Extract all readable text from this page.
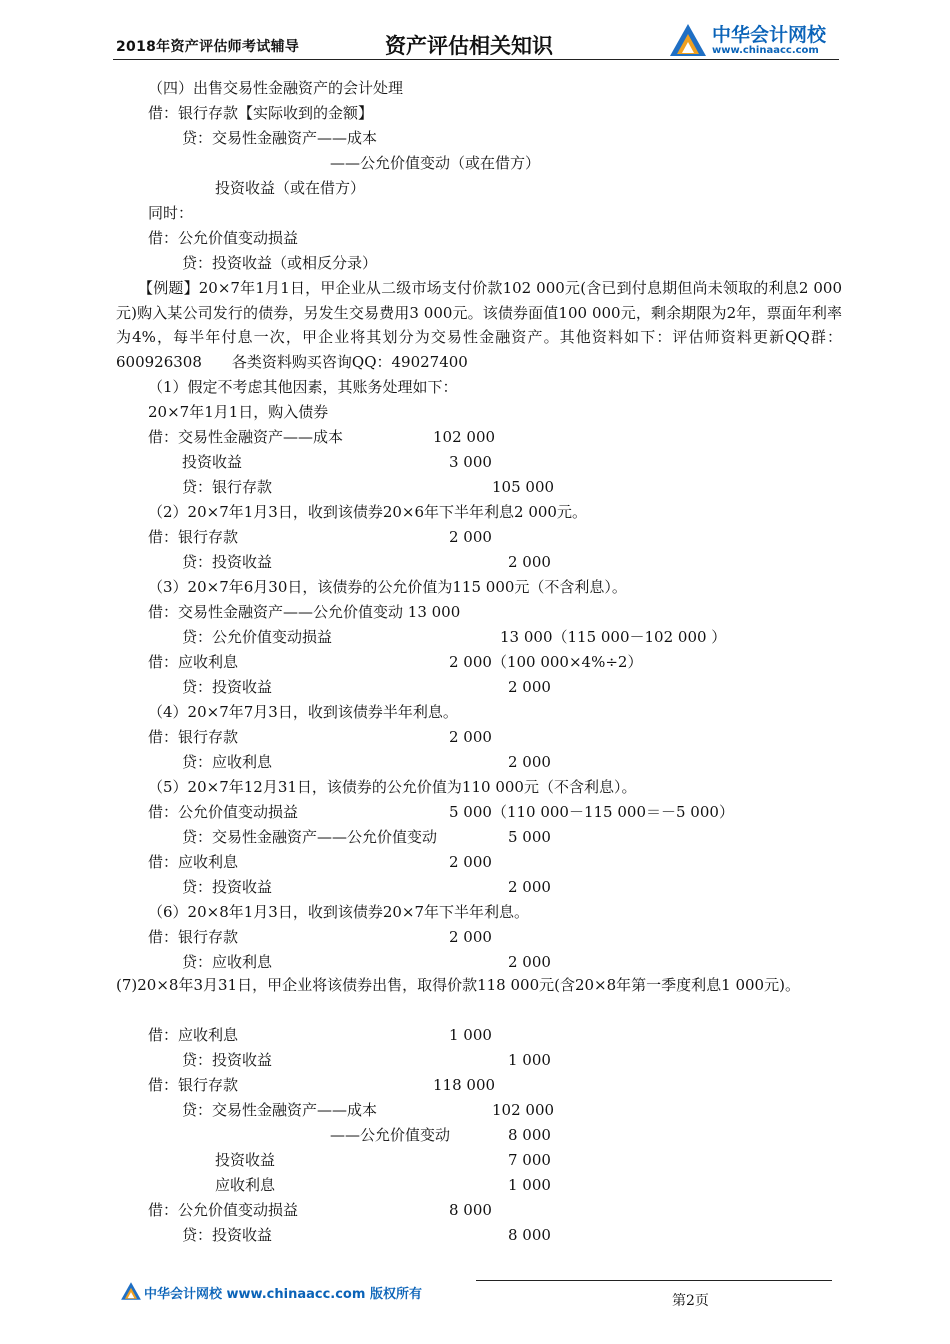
2018年资产评估师考试辅导	资产评估相关知识	中华会计网校
www.chinaacc.com
（四）出售交易性金融资产的会计处理
借：银行存款【实际收到的金额】
贷：交易性金融资产——成本
——公允价值变动（或在借方）
投资收益（或在借方）
同时：
借：公允价值变动损益
贷：投资收益（或相反分录）
【例题】20×7年1月1日，甲企业从二级市场支付价款102 000元(含已到付息期但尚未领取的利息2 000元)购入某公司发行的债券，另发生交易费用3 000元。该债券面值100 000元，剩余期限为2年，票面年利率为4%，每半年付息一次，甲企业将其划分为交易性金融资产。其他资料如下：评估师资料更新QQ群：600926308　　各类资料购买咨询QQ：49027400
（1）假定不考虑其他因素，其账务处理如下：
20×7年1月1日，购入债券
借：交易性金融资产——成本	102 000
投资收益	3 000
贷：银行存款	105 000
（2）20×7年1月3日，收到该债券20×6年下半年利息2 000元。
借：银行存款	2 000
贷：投资收益	2 000
（3）20×7年6月30日，该债券的公允价值为115 000元（不含利息）。
借：交易性金融资产——公允价值变动 13 000
贷：公允价值变动损益	13 000（115 000－102 000 ）
借：应收利息	2 000（100 000×4%÷2）
贷：投资收益	2 000
（4）20×7年7月3日，收到该债券半年利息。
借：银行存款	2 000
贷：应收利息	2 000
（5）20×7年12月31日，该债券的公允价值为110 000元（不含利息）。
借：公允价值变动损益	5 000（110 000－115 000＝－5 000）
贷：交易性金融资产——公允价值变动	5 000
借：应收利息	2 000
贷：投资收益	2 000
（6）20×8年1月3日，收到该债券20×7年下半年利息。
借：银行存款	2 000
贷：应收利息	2 000
(7)20×8年3月31日，甲企业将该债券出售，取得价款118 000元(含20×8年第一季度利息1 000元)。
借：应收利息	1 000
贷：投资收益	1 000
借：银行存款	118 000
贷：交易性金融资产——成本	102 000
——公允价值变动	8 000
投资收益	7 000
应收利息	1 000
借：公允价值变动损益	8 000
贷：投资收益	8 000
中华会计网校 www.chinaacc.com 版权所有	第2页
